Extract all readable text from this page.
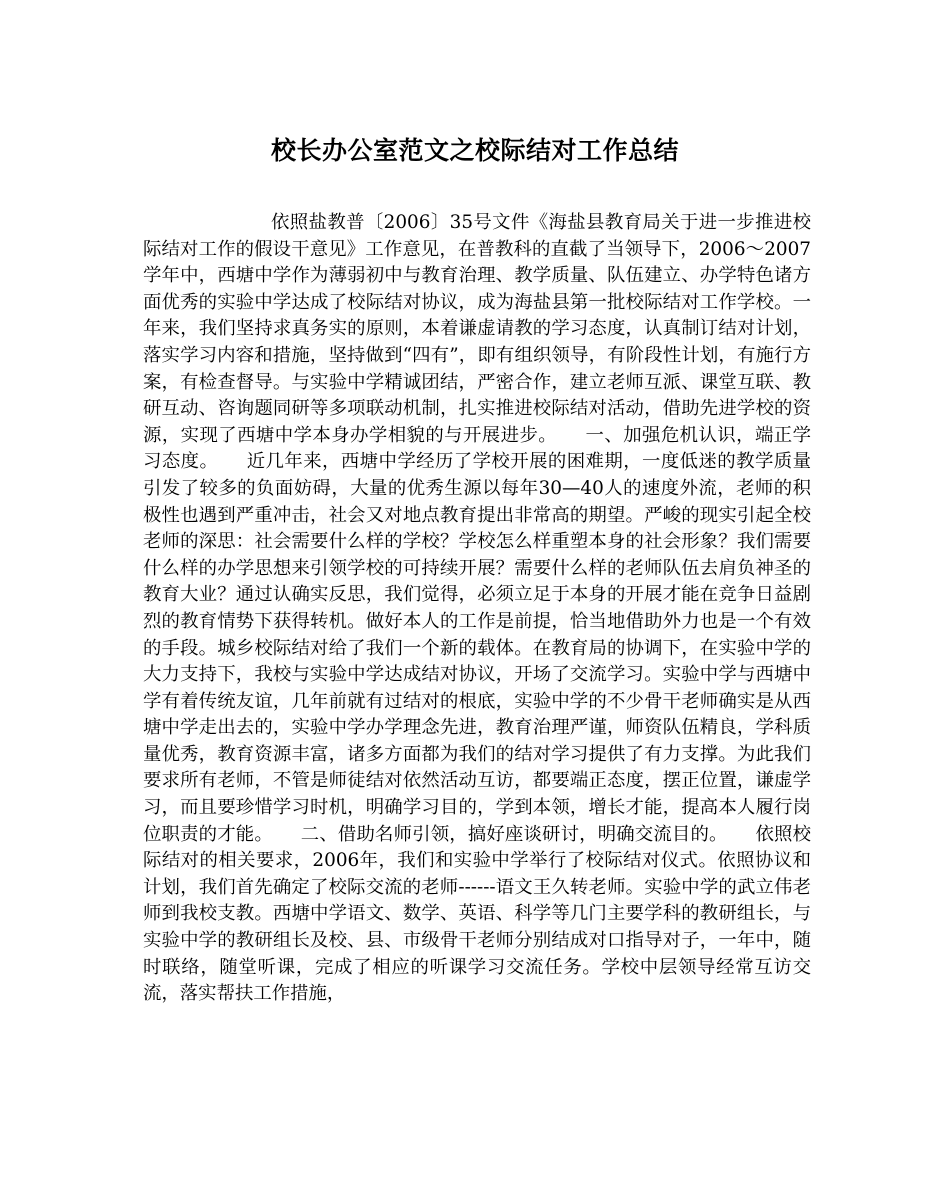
校长办公室范文之校际结对工作总结

依照盐教普〔2006〕35号文件《海盐县教育局关于进一步推进校际结对工作的假设干意见》工作意见，在普教科的直截了当领导下，2006～2007学年中，西塘中学作为薄弱初中与教育治理、教学质量、队伍建立、办学特色诸方面优秀的实验中学达成了校际结对协议，成为海盐县第一批校际结对工作学校。一年来，我们坚持求真务实的原则，本着谦虚请教的学习态度，认真制订结对计划，落实学习内容和措施，坚持做到“四有”，即有组织领导，有阶段性计划，有施行方案，有检查督导。与实验中学精诚团结，严密合作，建立老师互派、课堂互联、教研互动、咨询题同研等多项联动机制，扎实推进校际结对活动，借助先进学校的资源，实现了西塘中学本身办学相貌的与开展进步。　　一、加强危机认识，端正学习态度。　　近几年来，西塘中学经历了学校开展的困难期，一度低迷的教学质量引发了较多的负面妨碍，大量的优秀生源以每年30—40人的速度外流，老师的积极性也遇到严重冲击，社会又对地点教育提出非常高的期望。严峻的现实引起全校老师的深思：社会需要什么样的学校？学校怎么样重塑本身的社会形象？我们需要什么样的办学思想来引领学校的可持续开展？需要什么样的老师队伍去肩负神圣的教育大业？通过认确实反思，我们觉得，必须立足于本身的开展才能在竞争日益剧烈的教育情势下获得转机。做好本人的工作是前提，恰当地借助外力也是一个有效的手段。城乡校际结对给了我们一个新的载体。在教育局的协调下，在实验中学的大力支持下，我校与实验中学达成结对协议，开场了交流学习。实验中学与西塘中学有着传统友谊，几年前就有过结对的根底，实验中学的不少骨干老师确实是从西塘中学走出去的，实验中学办学理念先进，教育治理严谨，师资队伍精良，学科质量优秀，教育资源丰富，诸多方面都为我们的结对学习提供了有力支撑。为此我们要求所有老师，不管是师徒结对依然活动互访，都要端正态度，摆正位置，谦虚学习，而且要珍惜学习时机，明确学习目的，学到本领，增长才能，提高本人履行岗位职责的才能。　　二、借助名师引领，搞好座谈研讨，明确交流目的。　　依照校际结对的相关要求，2006年，我们和实验中学举行了校际结对仪式。依照协议和计划，我们首先确定了校际交流的老师------语文王久转老师。实验中学的武立伟老师到我校支教。西塘中学语文、数学、英语、科学等几门主要学科的教研组长，与实验中学的教研组长及校、县、市级骨干老师分别结成对口指导对子，一年中，随时联络，随堂听课，完成了相应的听课学习交流任务。学校中层领导经常互访交流，落实帮扶工作措施，
